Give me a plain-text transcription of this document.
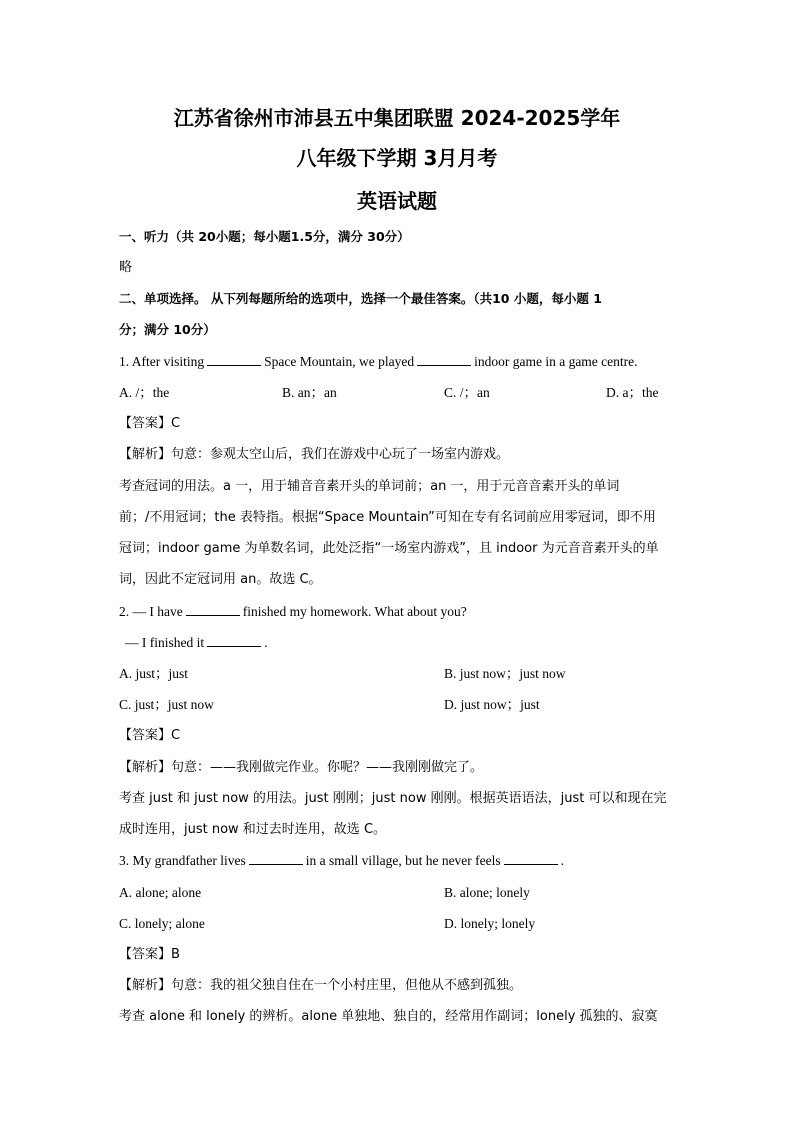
江苏省徐州市沛县五中集团联盟 2024-2025学年
八年级下学期 3月月考
英语试题
一、听力（共 20小题；每小题1.5分，满分 30分）
略
二、单项选择。 从下列每题所给的选项中，选择一个最佳答案。（共10 小题，每小题 1
分；满分 10分）
1. After visiting	Space Mountain, we played	indoor game in a game centre.
A. /；the	B. an；an	C. /；an	D. a；the
【答案】C
【解析】句意：参观太空山后，我们在游戏中心玩了一场室内游戏。
考查冠词的用法。a 一，用于辅音音素开头的单词前；an 一，用于元音音素开头的单词
前；/不用冠词；the 表特指。根据“Space Mountain”可知在专有名词前应用零冠词，即不用
冠词；indoor game 为单数名词，此处泛指“一场室内游戏”，且 indoor 为元音音素开头的单
词，因此不定冠词用 an。故选 C。
2. — I have	finished my homework. What about you?
— I finished it	.
A. just；just	B. just now；just now
C. just；just now	D. just now；just
【答案】C
【解析】句意：——我刚做完作业。你呢？——我刚刚做完了。
考查 just 和 just now 的用法。just 刚刚；just now 刚刚。根据英语语法，just 可以和现在完
成时连用，just now 和过去时连用，故选 C。
3. My grandfather lives	in a small village, but he never feels	.
A. alone; alone	B. alone; lonely
C. lonely; alone	D. lonely; lonely
【答案】B
【解析】句意：我的祖父独自住在一个小村庄里，但他从不感到孤独。
考查 alone 和 lonely 的辨析。alone 单独地、独自的，经常用作副词；lonely 孤独的、寂寞
